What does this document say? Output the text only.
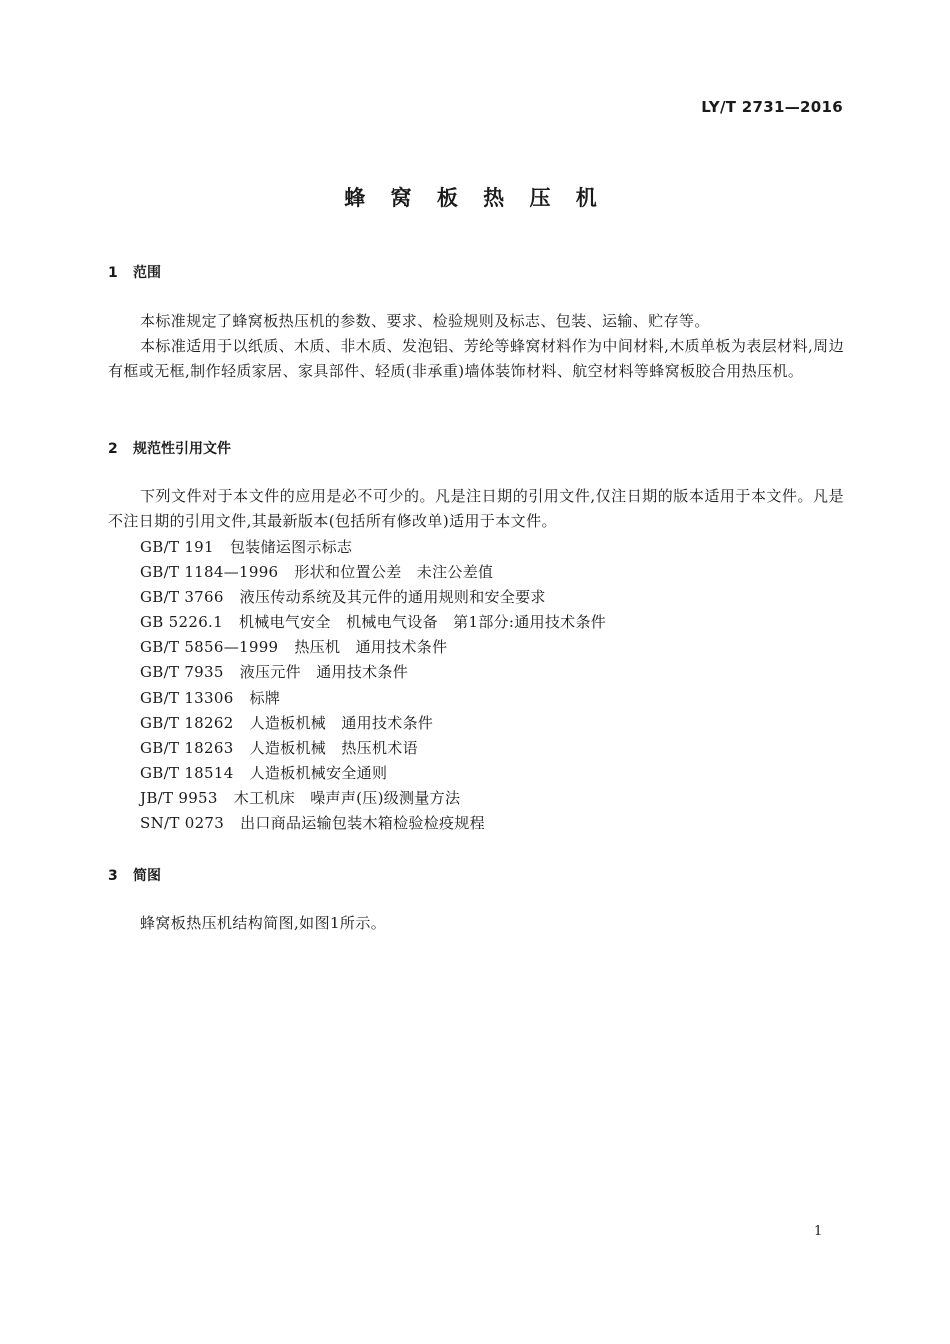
LY/T 2731—2016
蜂 窝 板 热 压 机
1 范围
本标准规定了蜂窝板热压机的参数、要求、检验规则及标志、包装、运输、贮存等。
本标准适用于以纸质、木质、非木质、发泡铝、芳纶等蜂窝材料作为中间材料,木质单板为表层材料,周边有框或无框,制作轻质家居、家具部件、轻质(非承重)墙体装饰材料、航空材料等蜂窝板胶合用热压机。
2 规范性引用文件
下列文件对于本文件的应用是必不可少的。凡是注日期的引用文件,仅注日期的版本适用于本文件。凡是不注日期的引用文件,其最新版本(包括所有修改单)适用于本文件。
GB/T 191 包装储运图示标志
GB/T 1184—1996 形状和位置公差　未注公差值
GB/T 3766 液压传动系统及其元件的通用规则和安全要求
GB 5226.1 机械电气安全　机械电气设备　第1部分:通用技术条件
GB/T 5856—1999 热压机　通用技术条件
GB/T 7935 液压元件　通用技术条件
GB/T 13306 标牌
GB/T 18262 人造板机械　通用技术条件
GB/T 18263 人造板机械　热压机术语
GB/T 18514 人造板机械安全通则
JB/T 9953 木工机床　噪声声(压)级测量方法
SN/T 0273 出口商品运输包装木箱检验检疫规程
3 简图
蜂窝板热压机结构简图,如图1所示。
1
